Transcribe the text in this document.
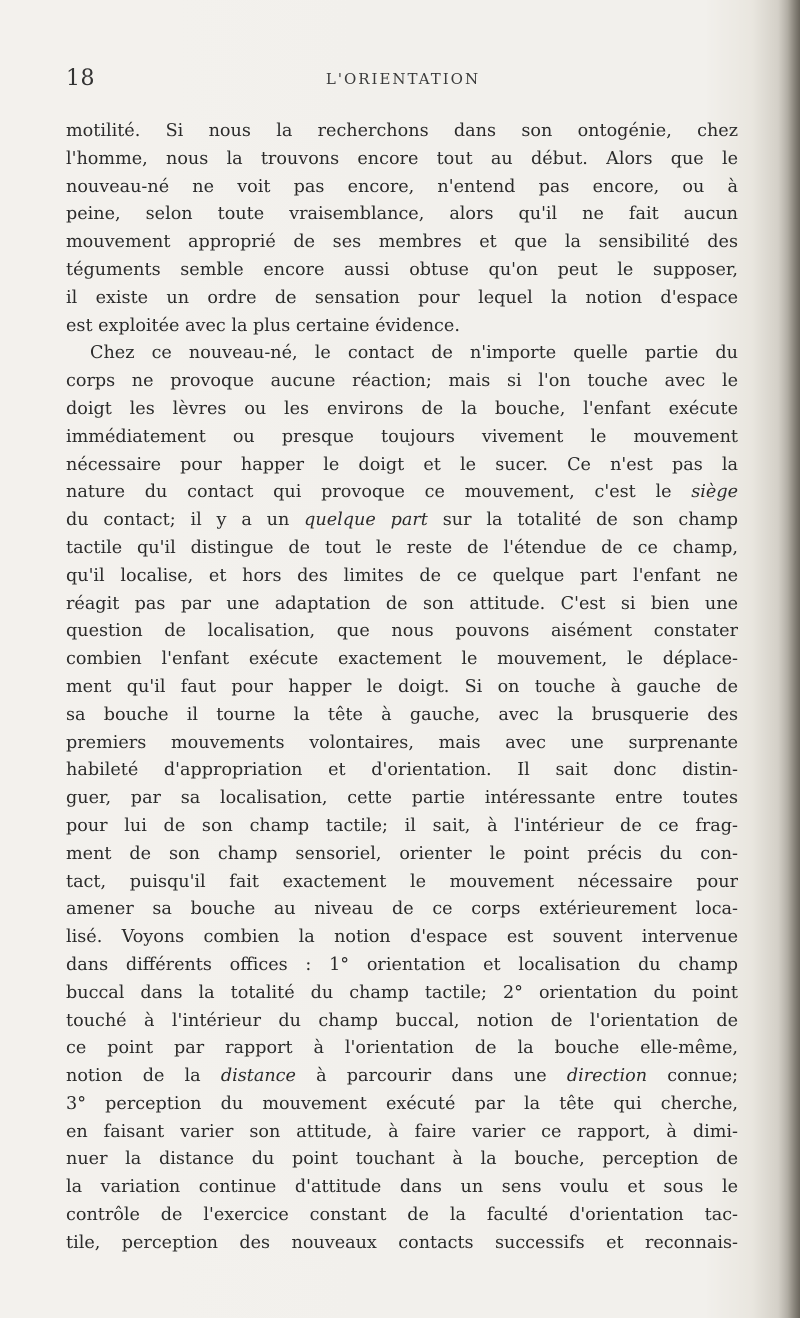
18	L'ORIENTATION
motilité. Si nous la recherchons dans son ontogénie, chez
l'homme, nous la trouvons encore tout au début. Alors que le
nouveau-né ne voit pas encore, n'entend pas encore, ou à
peine, selon toute vraisemblance, alors qu'il ne fait aucun
mouvement approprié de ses membres et que la sensibilité des
téguments semble encore aussi obtuse qu'on peut le supposer,
il existe un ordre de sensation pour lequel la notion d'espace
est exploitée avec la plus certaine évidence.
Chez ce nouveau-né, le contact de n'importe quelle partie du
corps ne provoque aucune réaction; mais si l'on touche avec le
doigt les lèvres ou les environs de la bouche, l'enfant exécute
immédiatement ou presque toujours vivement le mouvement
nécessaire pour happer le doigt et le sucer. Ce n'est pas la
nature du contact qui provoque ce mouvement, c'est le siège
du contact; il y a un quelque part sur la totalité de son champ
tactile qu'il distingue de tout le reste de l'étendue de ce champ,
qu'il localise, et hors des limites de ce quelque part l'enfant ne
réagit pas par une adaptation de son attitude. C'est si bien une
question de localisation, que nous pouvons aisément constater
combien l'enfant exécute exactement le mouvement, le déplace-
ment qu'il faut pour happer le doigt. Si on touche à gauche de
sa bouche il tourne la tête à gauche, avec la brusquerie des
premiers mouvements volontaires, mais avec une surprenante
habileté d'appropriation et d'orientation. Il sait donc distin-
guer, par sa localisation, cette partie intéressante entre toutes
pour lui de son champ tactile; il sait, à l'intérieur de ce frag-
ment de son champ sensoriel, orienter le point précis du con-
tact, puisqu'il fait exactement le mouvement nécessaire pour
amener sa bouche au niveau de ce corps extérieurement loca-
lisé. Voyons combien la notion d'espace est souvent intervenue
dans différents offices : 1° orientation et localisation du champ
buccal dans la totalité du champ tactile; 2° orientation du point
touché à l'intérieur du champ buccal, notion de l'orientation de
ce point par rapport à l'orientation de la bouche elle-même,
notion de la distance à parcourir dans une direction connue;
3° perception du mouvement exécuté par la tête qui cherche,
en faisant varier son attitude, à faire varier ce rapport, à dimi-
nuer la distance du point touchant à la bouche, perception de
la variation continue d'attitude dans un sens voulu et sous le
contrôle de l'exercice constant de la faculté d'orientation tac-
tile, perception des nouveaux contacts successifs et reconnais-
